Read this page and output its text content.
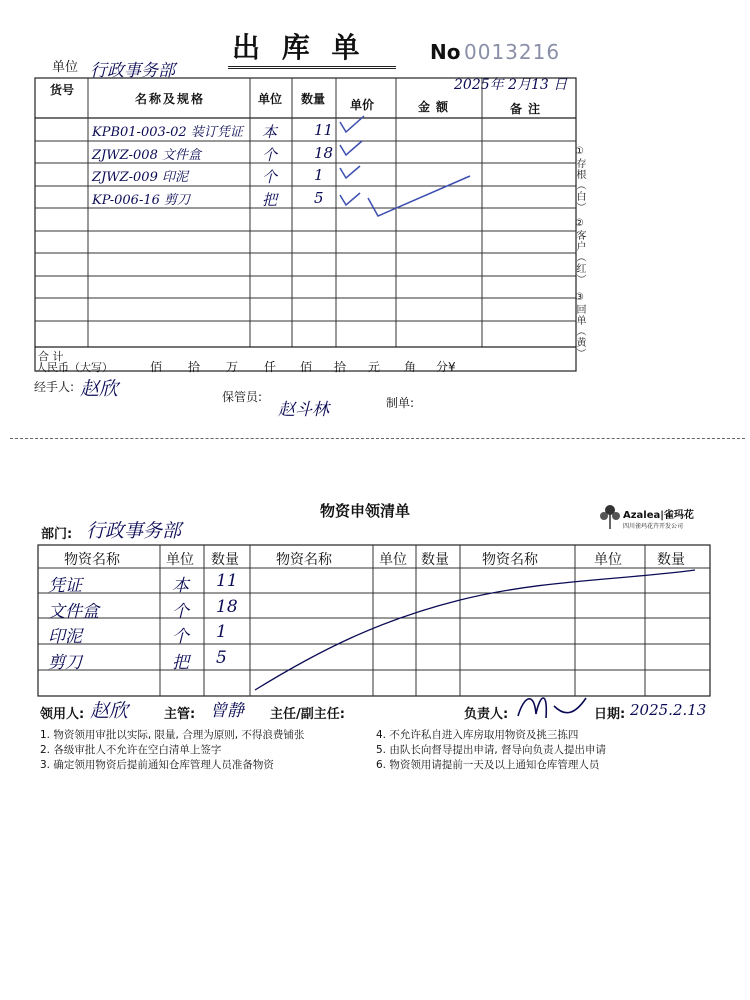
出 库 单	No 0013216
单位 行政事务部
2025年 2月13 日
货号
名称及规格	单位 数量 单价	金额	备注
KPB01-003-02 装订凭证 本 11
ZJWZ-008 文件盒	个 18
ZJWZ-009 印泥	个 1
KP-006-16 剪刀	把 5
合 计
人民币（大写）	佰 拾 万 仟 佰 拾 元 角 分¥
经手人: 赵欣	保管员:
赵斗林	制单:
①存根（白）
②客户（红）
③回单（黄）
物资申领清单	Azalea|雀玛花
四川雀玛花卉开发公司
部门: 行政事务部
物资名称	单位 数量	物资名称	单位 数量 物资名称	单位	数量
凭证	本 11
文件盒	个 18
印泥	个 1
剪刀	把 5
领用人: 赵欣	主管: 曾静 主任/副主任:	负责人:	日期: 2025.2.13
1. 物资领用审批以实际, 限量, 合理为原则, 不得浪费铺张
2. 各级审批人不允许在空白清单上签字
3. 确定领用物资后提前通知仓库管理人员准备物资
4. 不允许私自进入库房取用物资及挑三拣四
5. 由队长向督导提出申请, 督导向负责人提出申请
6. 物资领用请提前一天及以上通知仓库管理人员
